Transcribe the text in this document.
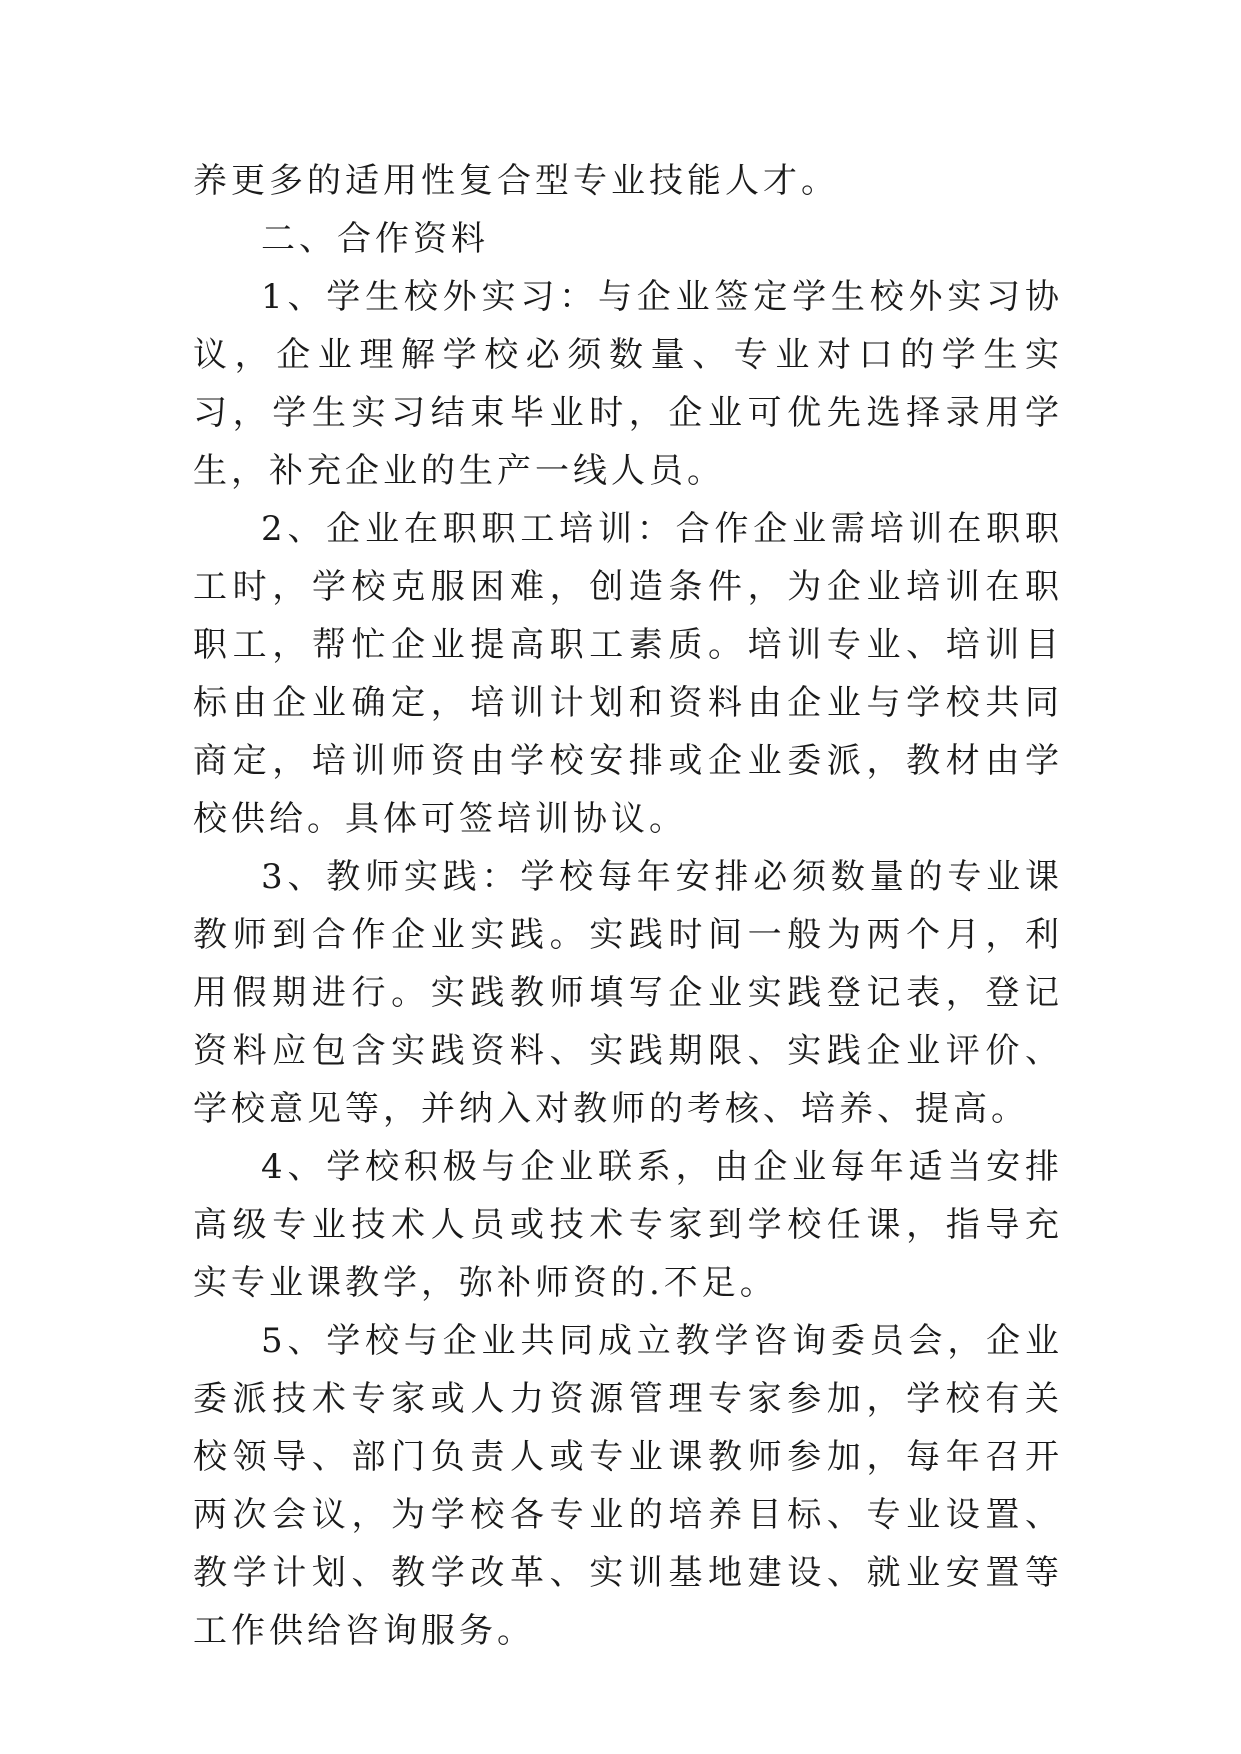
养更多的适用性复合型专业技能人才。

二、合作资料

1、学生校外实习：与企业签定学生校外实习协议，企业理解学校必须数量、专业对口的学生实习，学生实习结束毕业时，企业可优先选择录用学生，补充企业的生产一线人员。

2、企业在职职工培训：合作企业需培训在职职工时，学校克服困难，创造条件，为企业培训在职职工，帮忙企业提高职工素质。培训专业、培训目标由企业确定，培训计划和资料由企业与学校共同商定，培训师资由学校安排或企业委派，教材由学校供给。具体可签培训协议。

3、教师实践：学校每年安排必须数量的专业课教师到合作企业实践。实践时间一般为两个月，利用假期进行。实践教师填写企业实践登记表，登记资料应包含实践资料、实践期限、实践企业评价、学校意见等，并纳入对教师的考核、培养、提高。

4、学校积极与企业联系，由企业每年适当安排高级专业技术人员或技术专家到学校任课，指导充实专业课教学，弥补师资的.不足。

5、学校与企业共同成立教学咨询委员会，企业委派技术专家或人力资源管理专家参加，学校有关校领导、部门负责人或专业课教师参加，每年召开两次会议，为学校各专业的培养目标、专业设置、教学计划、教学改革、实训基地建设、就业安置等工作供给咨询服务。
